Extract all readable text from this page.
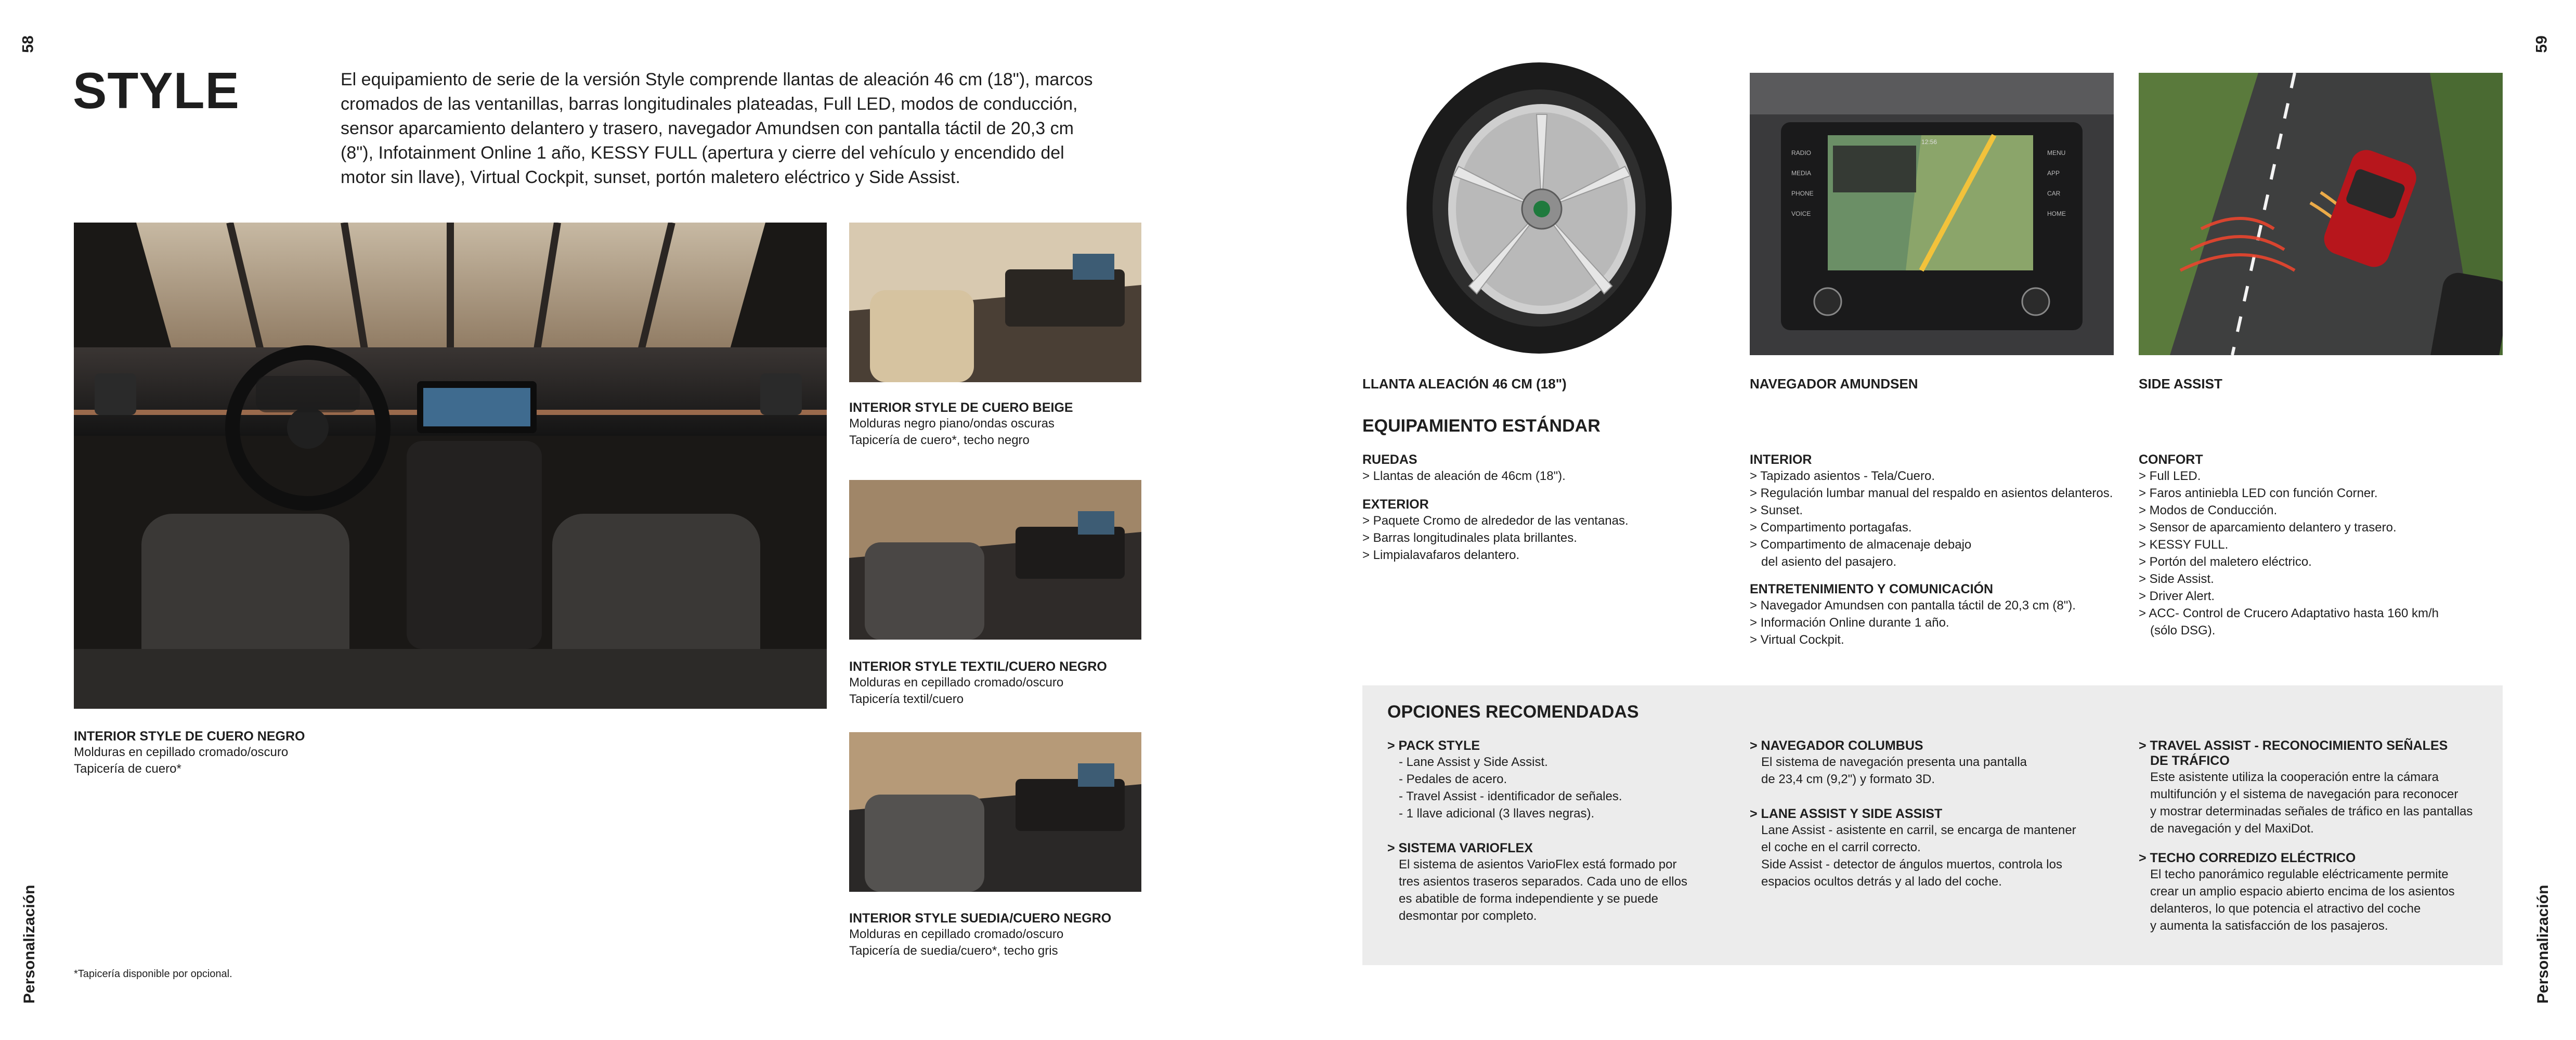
58
Personalización
STYLE	El equipamiento de serie de la versión Style comprende llantas de aleación 46 cm (18"), marcos cromados de las ventanillas, barras longitudinales plateadas, Full LED, modos de conducción, sensor aparcamiento delantero y trasero, navegador Amundsen con pantalla táctil de 20,3 cm (8"), Infotainment Online 1 año, KESSY FULL (apertura y cierre del vehículo y encendido del motor sin llave), Virtual Cockpit, sunset, portón maletero eléctrico y Side Assist.
INTERIOR STYLE DE CUERO NEGRO
Molduras en cepillado cromado/oscuro
Tapicería de cuero*
INTERIOR STYLE DE CUERO BEIGE
Molduras negro piano/ondas oscuras
Tapicería de cuero*, techo negro
INTERIOR STYLE TEXTIL/CUERO NEGRO
Molduras en cepillado cromado/oscuro
Tapicería textil/cuero
INTERIOR STYLE SUEDIA/CUERO NEGRO
Molduras en cepillado cromado/oscuro
Tapicería de suedia/cuero*, techo gris
*Tapicería disponible por opcional.
59
Personalización
RADIO
MEDIA
PHONE
VOICE
MENU
APP
CAR
HOME
12:56
LLANTA ALEACIÓN 46 CM (18")	NAVEGADOR AMUNDSEN	SIDE ASSIST
EQUIPAMIENTO ESTÁNDAR
RUEDAS
> Llantas de aleación de 46cm (18").
EXTERIOR
> Paquete Cromo de alrededor de las ventanas.
> Barras longitudinales plata brillantes.
> Limpialavafaros delantero.
INTERIOR
> Tapizado asientos - Tela/Cuero.
> Regulación lumbar manual del respaldo en asientos delanteros.
> Sunset.
> Compartimento portagafas.
> Compartimento de almacenaje debajo
del asiento del pasajero.
ENTRETENIMIENTO Y COMUNICACIÓN
> Navegador Amundsen con pantalla táctil de 20,3 cm (8").
> Información Online durante 1 año.
> Virtual Cockpit.
CONFORT
> Full LED.
> Faros antiniebla LED con función Corner.
> Modos de Conducción.
> Sensor de aparcamiento delantero y trasero.
> KESSY FULL.
> Portón del maletero eléctrico.
> Side Assist.
> Driver Alert.
> ACC- Control de Crucero Adaptativo hasta 160 km/h
(sólo DSG).
OPCIONES RECOMENDADAS
> PACK STYLE
- Lane Assist y Side Assist.
- Pedales de acero.
- Travel Assist - identificador de señales.
- 1 llave adicional (3 llaves negras).
> SISTEMA VARIOFLEX
El sistema de asientos VarioFlex está formado por
tres asientos traseros separados. Cada uno de ellos
es abatible de forma independiente y se puede
desmontar por completo.
> NAVEGADOR COLUMBUS
El sistema de navegación presenta una pantalla
de 23,4 cm (9,2") y formato 3D.
> LANE ASSIST Y SIDE ASSIST
Lane Assist - asistente en carril, se encarga de mantener
el coche en el carril correcto.
Side Assist - detector de ángulos muertos, controla los
espacios ocultos detrás y al lado del coche.
> TRAVEL ASSIST - RECONOCIMIENTO SEÑALES
DE TRÁFICO
Este asistente utiliza la cooperación entre la cámara
multifunción y el sistema de navegación para reconocer
y mostrar determinadas señales de tráfico en las pantallas
de navegación y del MaxiDot.
> TECHO CORREDIZO ELÉCTRICO
El techo panorámico regulable eléctricamente permite
crear un amplio espacio abierto encima de los asientos
delanteros, lo que potencia el atractivo del coche
y aumenta la satisfacción de los pasajeros.
